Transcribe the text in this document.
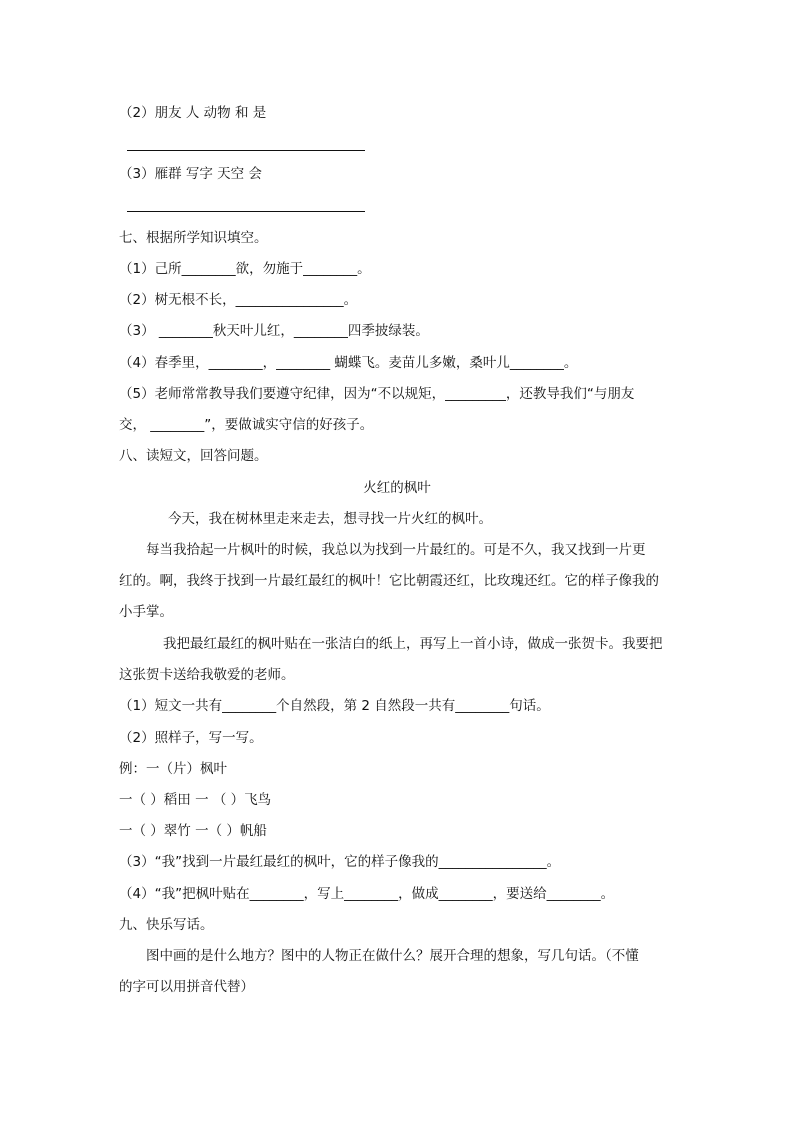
（2）朋友 人 动物 和 是
（3）雁群 写字 天空 会
七、根据所学知识填空。
（1）己所________欲，勿施于________。
（2）树无根不长，________________。
（3） ________秋天叶儿红，________四季披绿装。
（4）春季里，________，________ 蝴蝶飞。麦苗儿多嫩，桑叶儿________。
（5）老师常常教导我们要遵守纪律，因为“不以规矩，_________，还教导我们“与朋友
交， ________”，要做诚实守信的好孩子。
八、读短文，回答问题。
火红的枫叶
今天，我在树林里走来走去，想寻找一片火红的枫叶。
每当我拾起一片枫叶的时候，我总以为找到一片最红的。可是不久，我又找到一片更
红的。啊，我终于找到一片最红最红的枫叶！它比朝霞还红，比玫瑰还红。它的样子像我的
小手掌。
我把最红最红的枫叶贴在一张洁白的纸上，再写上一首小诗，做成一张贺卡。我要把
这张贺卡送给我敬爱的老师。
（1）短文一共有________个自然段，第 2 自然段一共有________句话。
（2）照样子，写一写。
例：一（片）枫叶
一（ ）稻田 一 （ ）飞鸟
一（ ）翠竹 一（ ）帆船
（3）“我”找到一片最红最红的枫叶，它的样子像我的________________。
（4）“我”把枫叶贴在________，写上________，做成________，要送给________。
九、快乐写话。
图中画的是什么地方？图中的人物正在做什么？展开合理的想象，写几句话。（不懂
的字可以用拼音代替）
